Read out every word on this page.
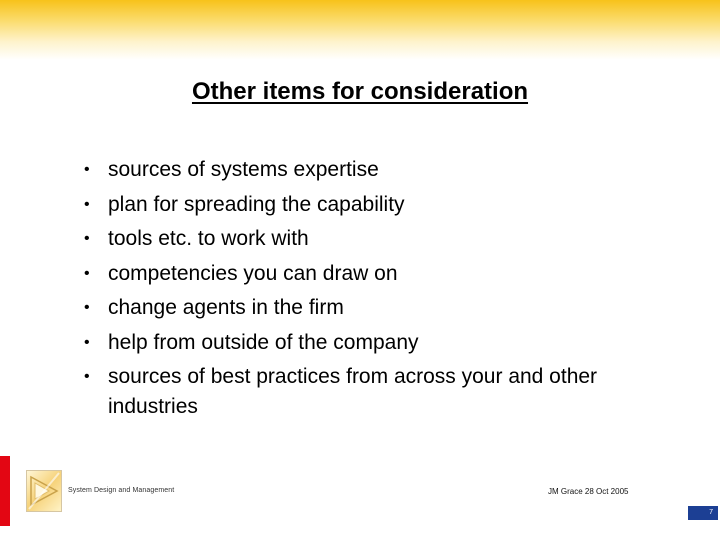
Other items for consideration
• sources of systems expertise
• plan for spreading the capability
• tools etc. to work with
• competencies you can draw on
• change agents in the firm
• help from outside of the company
• sources of best practices from across your and other industries
System Design and Management	JM Grace 28 Oct 2005
7
